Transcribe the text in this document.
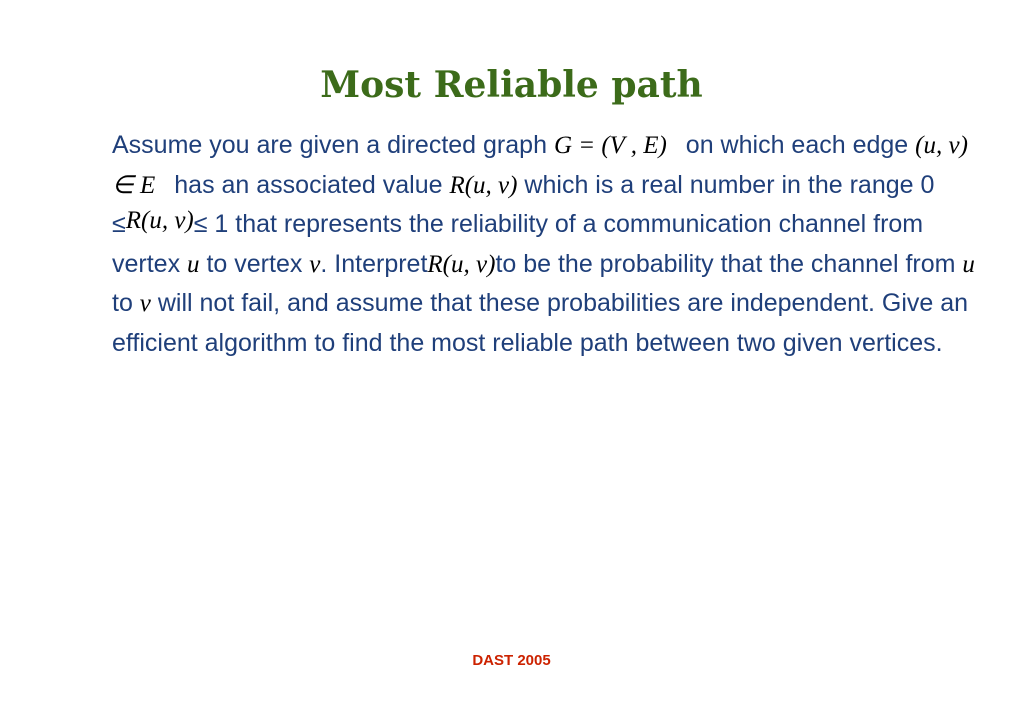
Most Reliable path

Assume you are given a directed graph G = (V , E) on which each edge (u, v) ∈ E has an associated value R(u, v) which is a real number in the range 0 ≤R(u, v)≤ 1 that represents the reliability of a communication channel from vertex u to vertex v. InterpretR(u, v)to be the probability that the channel from u to v will not fail, and assume that these probabilities are independent. Give an efficient algorithm to find the most reliable path between two given vertices.

DAST 2005
